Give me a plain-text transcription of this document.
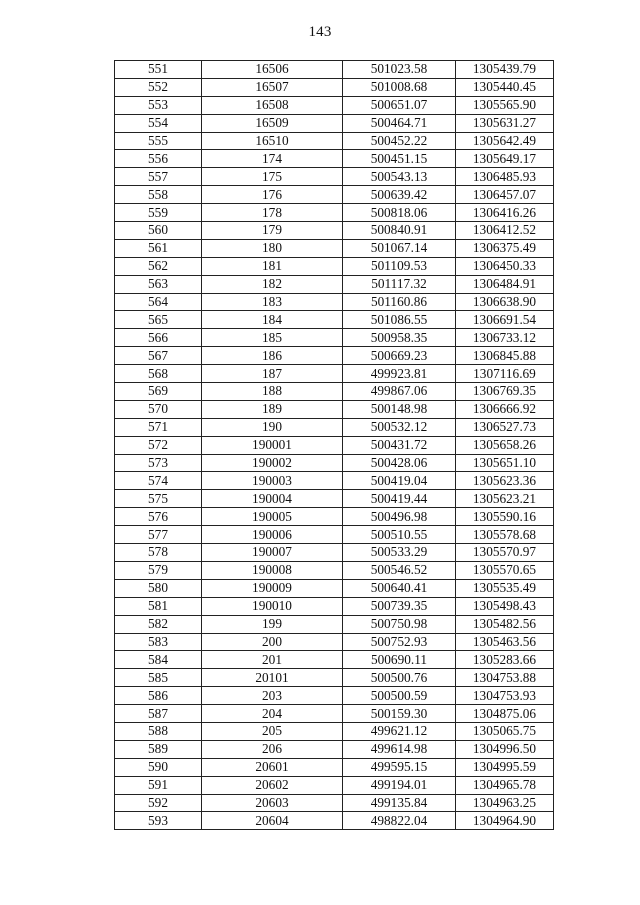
143
551	16506	501023.58	1305439.79
552	16507	501008.68	1305440.45
553	16508	500651.07	1305565.90
554	16509	500464.71	1305631.27
555	16510	500452.22	1305642.49
556	174	500451.15	1305649.17
557	175	500543.13	1306485.93
558	176	500639.42	1306457.07
559	178	500818.06	1306416.26
560	179	500840.91	1306412.52
561	180	501067.14	1306375.49
562	181	501109.53	1306450.33
563	182	501117.32	1306484.91
564	183	501160.86	1306638.90
565	184	501086.55	1306691.54
566	185	500958.35	1306733.12
567	186	500669.23	1306845.88
568	187	499923.81	1307116.69
569	188	499867.06	1306769.35
570	189	500148.98	1306666.92
571	190	500532.12	1306527.73
572	190001	500431.72	1305658.26
573	190002	500428.06	1305651.10
574	190003	500419.04	1305623.36
575	190004	500419.44	1305623.21
576	190005	500496.98	1305590.16
577	190006	500510.55	1305578.68
578	190007	500533.29	1305570.97
579	190008	500546.52	1305570.65
580	190009	500640.41	1305535.49
581	190010	500739.35	1305498.43
582	199	500750.98	1305482.56
583	200	500752.93	1305463.56
584	201	500690.11	1305283.66
585	20101	500500.76	1304753.88
586	203	500500.59	1304753.93
587	204	500159.30	1304875.06
588	205	499621.12	1305065.75
589	206	499614.98	1304996.50
590	20601	499595.15	1304995.59
591	20602	499194.01	1304965.78
592	20603	499135.84	1304963.25
593	20604	498822.04	1304964.90
